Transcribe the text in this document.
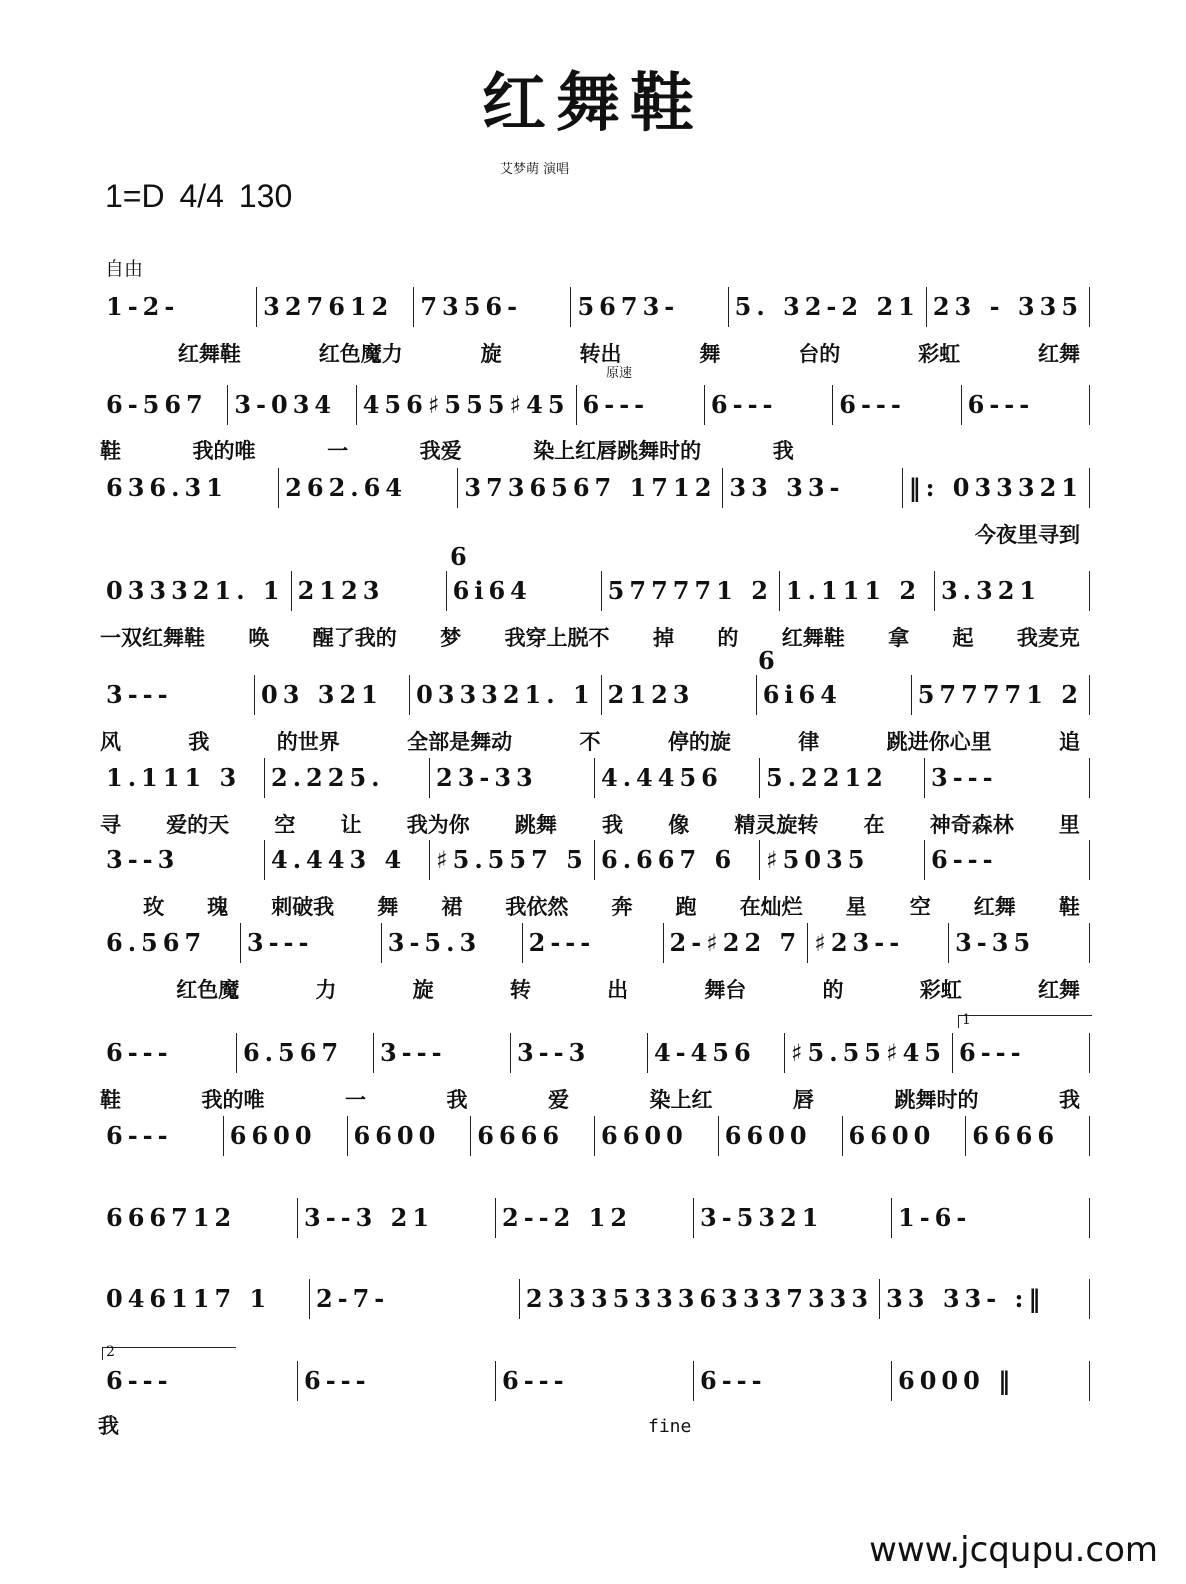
红舞鞋
艾梦萌 演唱
1=D 4/4 130
自由
原速
6
6
1
2
1-2-	327612	7356-	5673-	5. 32-2 21 23 - 335
红舞鞋	红色魔力	旋	转出	舞	台的	彩虹	红舞
6-567	3-034	456♯555♯45 6---	6---	6---	6---
鞋	我的唯	一	我爱	染上红唇跳舞时的	我
636.31	262.64	3736567 1712 33 33-	‖: 033321
今夜里寻到
033321. 1 2123	6i64	577771 2 1.111 2 3.321
一双红舞鞋 唤 醒了我的 梦 我穿上脱不 掉 的 红舞鞋 拿 起 我麦克
3---	03 321	033321. 1 2123	6i64	577771 2
风	我	的世界	全部是舞动	不	停的旋	律	跳进你心里	追
1.111 3	2.225.	23-33	4.4456	5.2212	3---
寻 爱的天 空 让 我为你 跳舞 我 像 精灵旋转 在 神奇森林 里
3--3	4.443 4	♯5.557 5 6.667 6	♯5035	6---
玫 瑰 刺破我 舞 裙 我依然 奔 跑 在灿烂 星 空 红舞 鞋
6.567	3---	3-5.3	2---	2-♯22 7 ♯23--	3-35
红色魔	力	旋	转	出	舞台	的	彩虹	红舞
6---	6.567	3---	3--3	4-456	♯5.55♯45 6---
鞋	我的唯	一	我	爱	染上红	唇	跳舞时的	我
6---	6600	6600	6666	6600	6600	6600	6666
666712	3--3 21	2--2 12	3-5321	1-6-
046117 1	2-7-	2333533363337333 33 33- :‖
6---	6---	6---	6---	6000 ‖
我	fine
www.jcqupu.com
